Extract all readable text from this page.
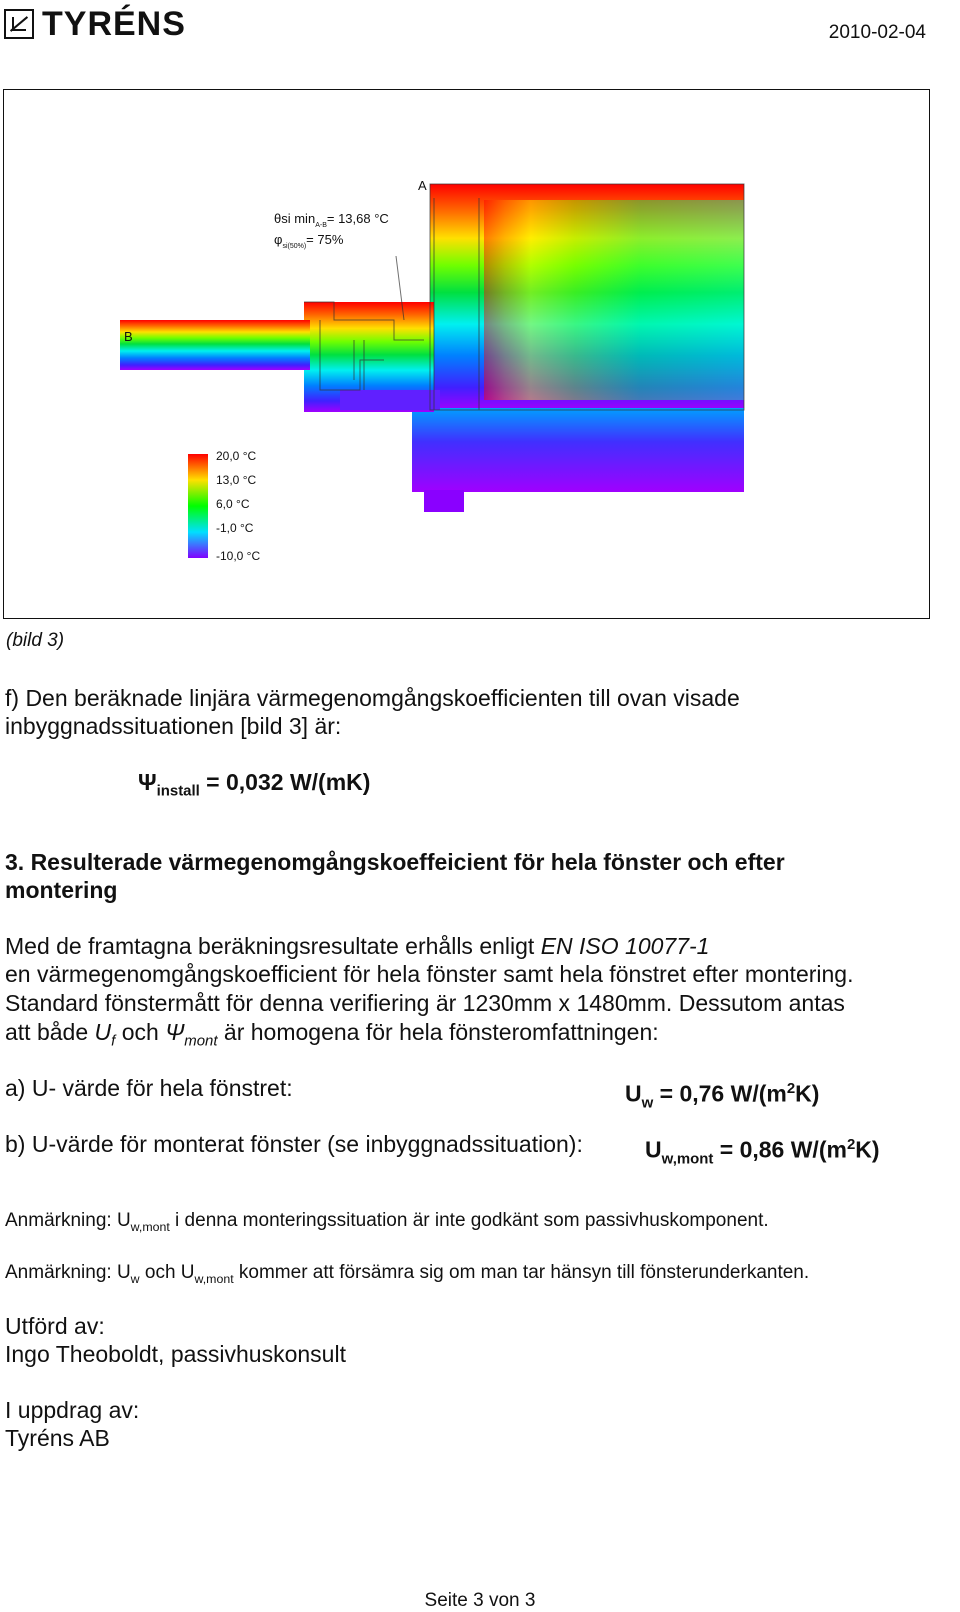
TYRÉNS	2010-02-04
θsi $\min_{A-B}= 13,68$ °C
$\varphi_{si(50\%)}= 75\%$
A
B
20,0 °C
13,0 °C
6,0 °C
-1,0 °C
-10,0 °C
(bild 3)
f) Den beräknade linjära värmegenomgångskoefficienten till ovan visade
inbyggnadssituationen [bild 3] är:
$\Psi_{install} = 0,032$ W/(mK)
3. Resulterade värmegenomgångskoeffeicient för hela fönster och efter
montering
Med de framtagna beräkningsresultate erhålls enligt EN ISO 10077-1
en värmegenomgångskoefficient för hela fönster samt hela fönstret efter montering.
Standard fönstermått för denna verifiering är 1230mm x 1480mm. Dessutom antas
att både $U_f$ och $\Psi_{mont}$ är homogena för hela fönsteromfattningen:
a) U- värde för hela fönstret:	$U_w = 0,76$ $W/(m^2K)$
b) U-värde för monterat fönster (se inbyggnadssituation):	$U_{w,mont} = 0,86$ $W/(m^2K)$
Anmärkning: $U_{w,mont}$ i denna monteringssituation är inte godkänt som passivhuskomponent.
Anmärkning: $U_w$ och $U_{w,mont}$ kommer att försämra sig om man tar hänsyn till fönsterunderkanten.
Utförd av:
Ingo Theoboldt, passivhuskonsult
I uppdrag av:
Tyréns AB
Seite 3 von 3
